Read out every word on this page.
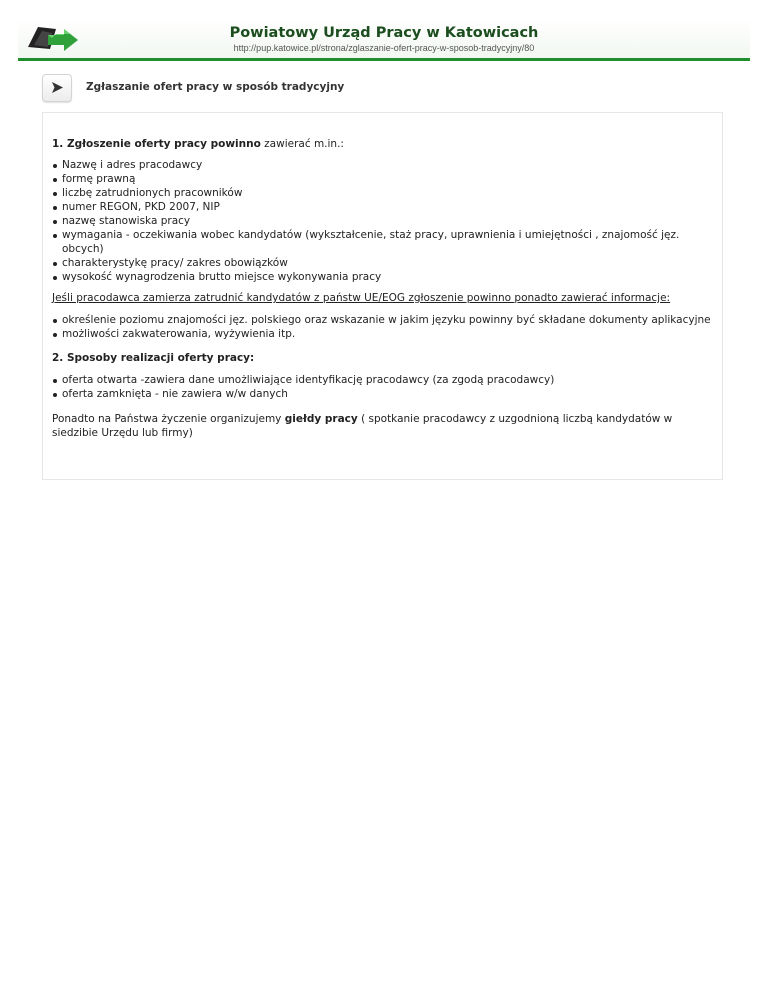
Powiatowy Urząd Pracy w Katowicach
http://pup.katowice.pl/strona/zglaszanie-ofert-pracy-w-sposob-tradycyjny/80
Zgłaszanie ofert pracy w sposób tradycyjny

1. Zgłoszenie oferty pracy powinno zawierać m.in.:

Nazwę i adres pracodawcy
formę prawną
liczbę zatrudnionych pracowników
numer REGON, PKD 2007, NIP
nazwę stanowiska pracy
wymagania - oczekiwania wobec kandydatów (wykształcenie, staż pracy, uprawnienia i umiejętności , znajomość jęz. obcych)
charakterystykę pracy/ zakres obowiązków
wysokość wynagrodzenia brutto miejsce wykonywania pracy

Jeśli pracodawca zamierza zatrudnić kandydatów z państw UE/EOG zgłoszenie powinno ponadto zawierać informacje:

określenie poziomu znajomości jęz. polskiego oraz wskazanie w jakim języku powinny być składane dokumenty aplikacyjne
możliwości zakwaterowania, wyżywienia itp.

2. Sposoby realizacji oferty pracy:

oferta otwarta -zawiera dane umożliwiające identyfikację pracodawcy (za zgodą pracodawcy)
oferta zamknięta - nie zawiera w/w danych

Ponadto na Państwa życzenie organizujemy giełdy pracy ( spotkanie pracodawcy z uzgodnioną liczbą kandydatów w siedzibie Urzędu lub firmy)
